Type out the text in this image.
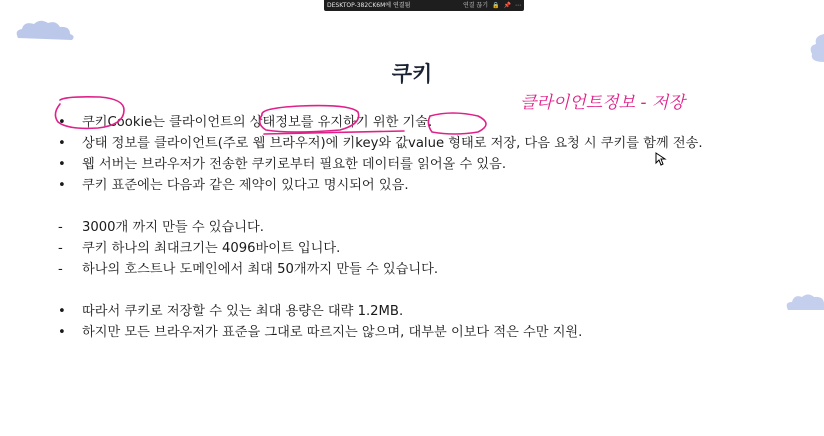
DESKTOP-382CK6M에 연결됨	연결 끊기 🔒 📌 ⋯
쿠키
•	쿠키Cookie는 클라이언트의 상태정보를 유지하기 위한 기술.
•	상태 정보를 클라이언트(주로 웹 브라우저)에 키key와 값value 형태로 저장, 다음 요청 시 쿠키를 함께 전송.
•	웹 서버는 브라우저가 전송한 쿠키로부터 필요한 데이터를 읽어올 수 있음.
•	쿠키 표준에는 다음과 같은 제약이 있다고 명시되어 있음.
-	3000개 까지 만들 수 있습니다.
-	쿠키 하나의 최대크기는 4096바이트 입니다.
-	하나의 호스트나 도메인에서 최대 50개까지 만들 수 있습니다.
•	따라서 쿠키로 저장할 수 있는 최대 용량은 대략 1.2MB.
•	하지만 모든 브라우저가 표준을 그대로 따르지는 않으며, 대부분 이보다 적은 수만 지원.
클라이언트정보 - 저장
